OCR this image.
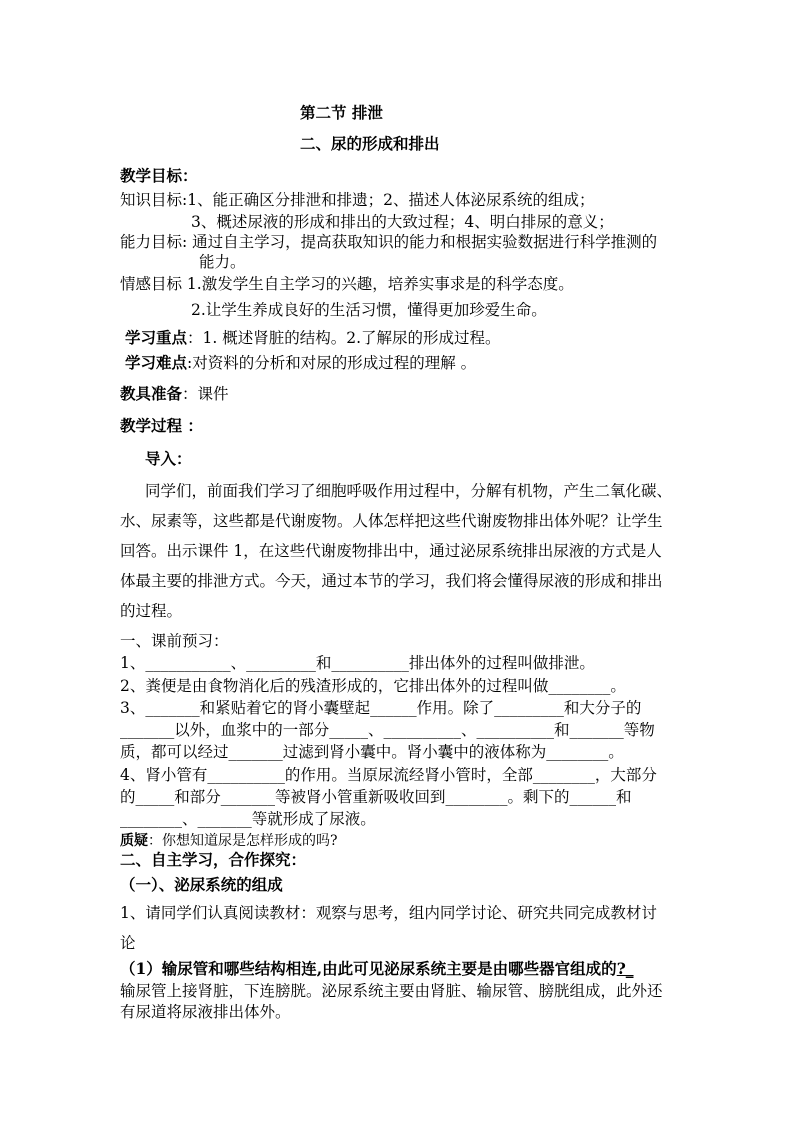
第二节 排泄
二、尿的形成和排出
教学目标：
知识目标:1、能正确区分排泄和排遗；2、描述人体泌尿系统的组成；
3、概述尿液的形成和排出的大致过程；4、明白排尿的意义；
能力目标: 通过自主学习，提高获取知识的能力和根据实验数据进行科学推测的
能力。
情感目标 1.激发学生自主学习的兴趣，培养实事求是的科学态度。
2.让学生养成良好的生活习惯，懂得更加珍爱生命。
学习重点：1. 概述肾脏的结构。2.了解尿的形成过程。
学习难点:对资料的分析和对尿的形成过程的理解 。
教具准备：课件
教学过程 ：
导入：
同学们，前面我们学习了细胞呼吸作用过程中，分解有机物，产生二氧化碳、
水、尿素等，这些都是代谢废物。人体怎样把这些代谢废物排出体外呢？让学生
回答。出示课件 1，在这些代谢废物排出中，通过泌尿系统排出尿液的方式是人
体最主要的排泄方式。今天，通过本节的学习，我们将会懂得尿液的形成和排出
的过程。
一、课前预习：
1、___________、_________和__________排出体外的过程叫做排泄。
2、粪便是由食物消化后的残渣形成的，它排出体外的过程叫做________。
3、_______和紧贴着它的肾小囊壁起______作用。除了_________和大分子的
_______以外，血浆中的一部分_____、__________、__________和_______等物
质，都可以经过_______过滤到肾小囊中。肾小囊中的液体称为________。
4、肾小管有__________的作用。当原尿流经肾小管时，全部________，大部分
的_____和部分_______等被肾小管重新吸收回到________。剩下的______和
________、_______等就形成了尿液。
质疑：你想知道尿是怎样形成的吗?
二、自主学习，合作探究：
（一）、泌尿系统的组成
1、请同学们认真阅读教材：观察与思考，组内同学讨论、研究共同完成教材讨
论
（1）输尿管和哪些结构相连,由此可见泌尿系统主要是由哪些器官组成的?_
输尿管上接肾脏，下连膀胱。泌尿系统主要由肾脏、输尿管、膀胱组成，此外还
有尿道将尿液排出体外。
